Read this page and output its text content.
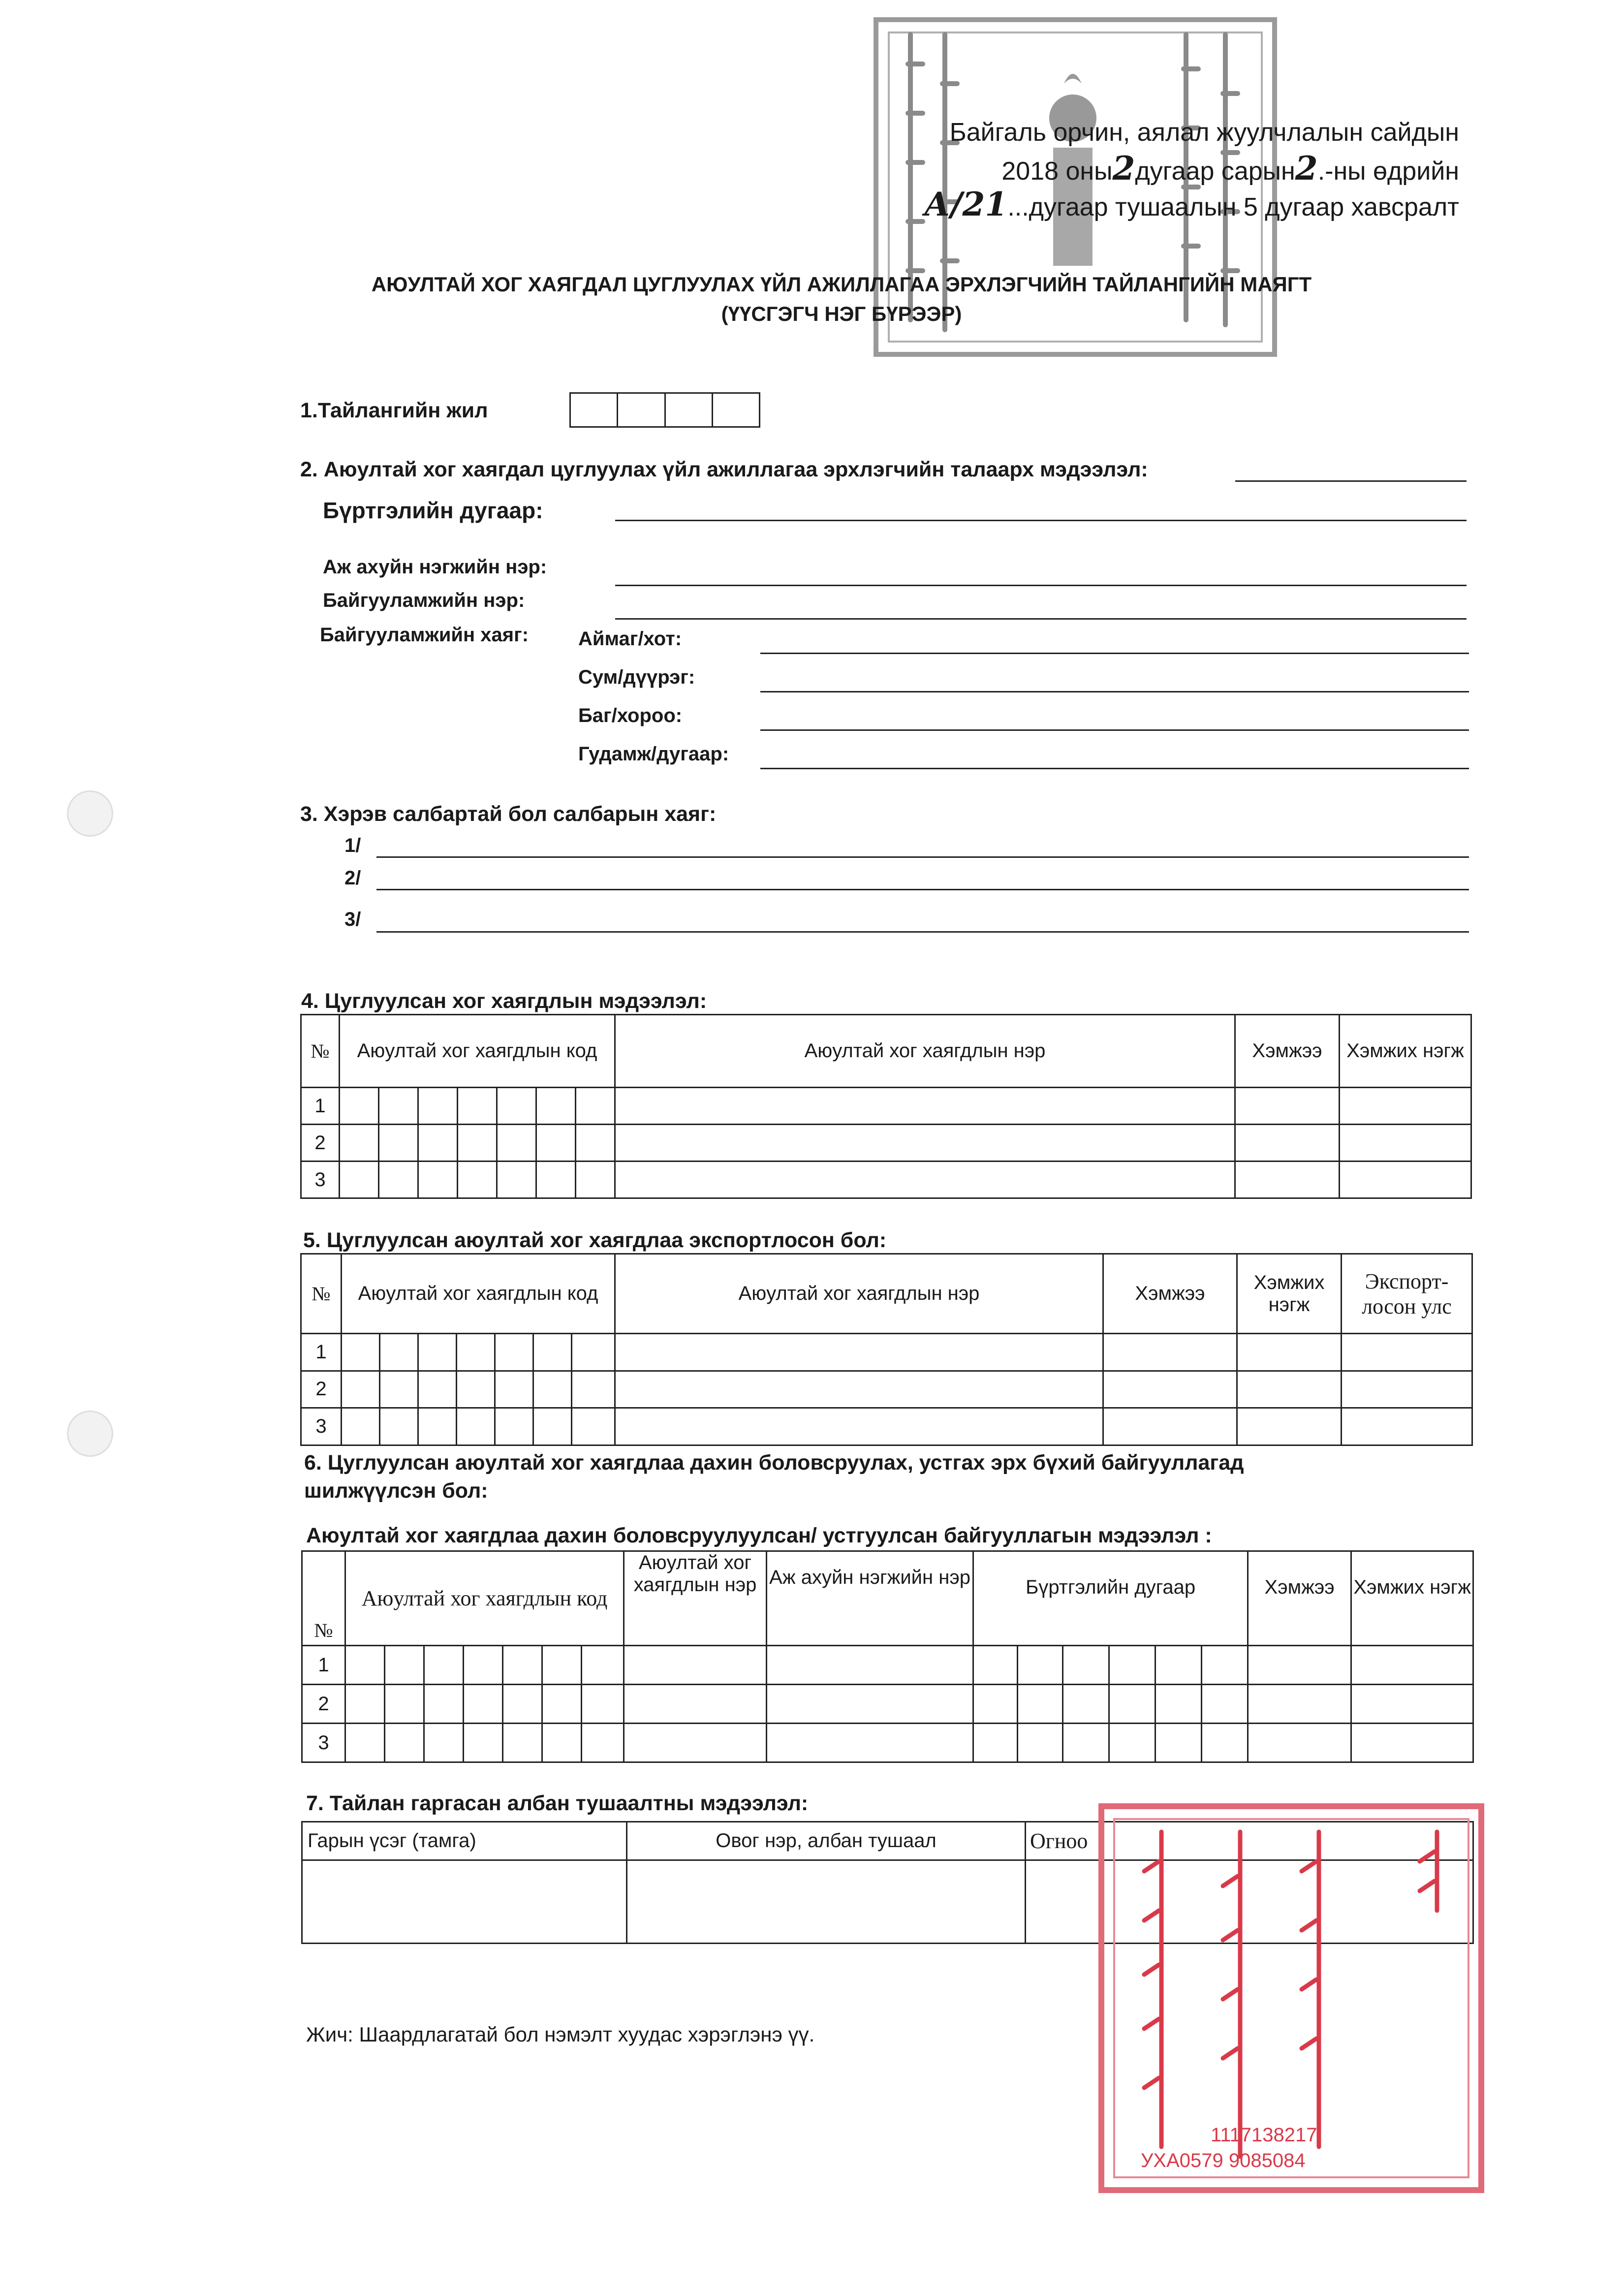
Байгаль орчин, аялал жуулчлалын сайдын
2018 оны2дугаар сарын2.-ны өдрийн
А/21...дугаар тушаалын 5 дугаар хавсралт
АЮУЛТАЙ ХОГ ХАЯГДАЛ ЦУГЛУУЛАХ ҮЙЛ АЖИЛЛАГАА ЭРХЛЭГЧИЙН ТАЙЛАНГИЙН МАЯГТ
(ҮҮСГЭГЧ НЭГ БҮРЭЭР)
1.Тайлангийн жил

2. Аюултай хог хаягдал цуглуулах үйл ажиллагаа эрхлэгчийн талаарх мэдээлэл:
Бүртгэлийн дугаар:
Аж ахуйн нэгжийн нэр:
Байгууламжийн нэр:
Байгууламжийн хаяг:	Аймаг/хот:
Сум/дүүрэг:
Баг/хороо:
Гудамж/дугаар:
3. Хэрэв салбартай бол салбарын хаяг:
1/
2/
3/
4. Цуглуулсан хог хаягдлын мэдээлэл:
№	Аюултай хог хаягдлын код							Аюултай хог хаягдлын нэр	Хэмжээ	Хэмжих нэгж
1										
2										
3										
5. Цуглуулсан аюултай хог хаягдлаа экспортлосон бол:
№	Аюултай хог хаягдлын код							Аюултай хог хаягдлын нэр	Хэмжээ	Хэмжих нэгж	Экспорт- лосон улс
1											
2											
3											
6. Цуглуулсан аюултай хог хаягдлаа дахин боловсруулах, устгах эрх бүхий байгууллагад
шилжүүлсэн бол:
Аюултай хог хаягдлаа дахин боловсруулуулсан/ устгуулсан байгууллагын мэдээлэл :
№	Аюултай хог хаягдлын код							Аюултай хог хаягдлын нэр	Аж ахуйн нэгжийн нэр	Бүртгэлийн дугаар						Хэмжээ	Хэмжих нэгж
1																	
2																	
3																	
7. Тайлан гаргасан албан тушаалтны мэдээлэл:
Гарын үсэг (тамга)	Овог нэр, албан тушаал	Огноо

1117138217
УХА0579 9085084
Жич: Шаардлагатай бол нэмэлт хуудас хэрэглэнэ үү.
